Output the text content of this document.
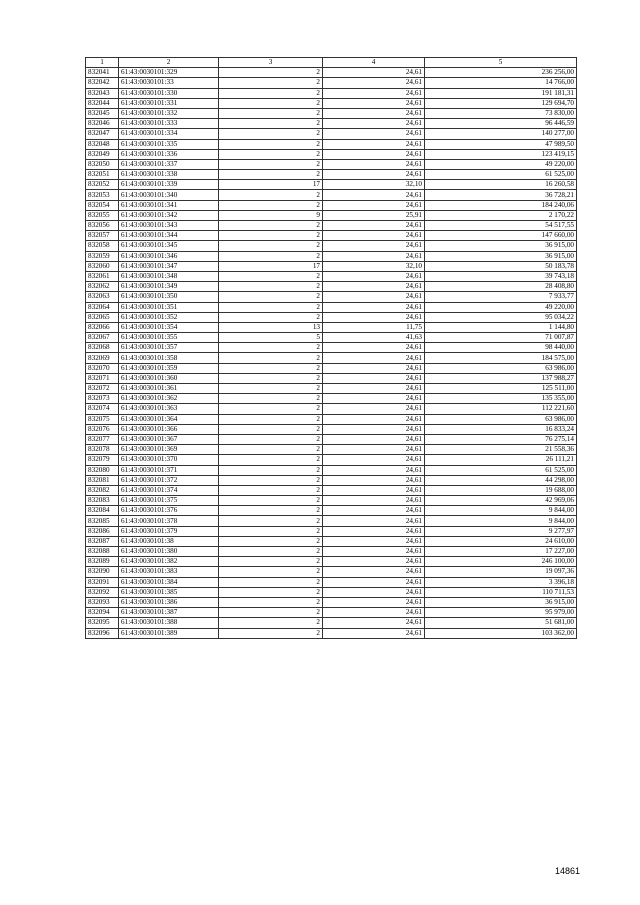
1	2	3	4	5
832041	61:43:0030101:329	2	24,61	236 256,00
832042	61:43:0030101:33	2	24,61	14 766,00
832043	61:43:0030101:330	2	24,61	191 181,31
832044	61:43:0030101:331	2	24,61	129 694,70
832045	61:43:0030101:332	2	24,61	73 830,00
832046	61:43:0030101:333	2	24,61	96 446,59
832047	61:43:0030101:334	2	24,61	140 277,00
832048	61:43:0030101:335	2	24,61	47 989,50
832049	61:43:0030101:336	2	24,61	123 419,15
832050	61:43:0030101:337	2	24,61	49 220,00
832051	61:43:0030101:338	2	24,61	61 525,00
832052	61:43:0030101:339	17	32,10	16 260,58
832053	61:43:0030101:340	2	24,61	36 728,21
832054	61:43:0030101:341	2	24,61	184 240,06
832055	61:43:0030101:342	9	25,91	2 170,22
832056	61:43:0030101:343	2	24,61	54 517,55
832057	61:43:0030101:344	2	24,61	147 660,00
832058	61:43:0030101:345	2	24,61	36 915,00
832059	61:43:0030101:346	2	24,61	36 915,00
832060	61:43:0030101:347	17	32,10	50 183,78
832061	61:43:0030101:348	2	24,61	39 743,18
832062	61:43:0030101:349	2	24,61	28 408,80
832063	61:43:0030101:350	2	24,61	7 933,77
832064	61:43:0030101:351	2	24,61	49 220,00
832065	61:43:0030101:352	2	24,61	95 034,22
832066	61:43:0030101:354	13	11,75	1 144,80
832067	61:43:0030101:355	5	41,63	71 007,87
832068	61:43:0030101:357	2	24,61	98 440,00
832069	61:43:0030101:358	2	24,61	184 575,00
832070	61:43:0030101:359	2	24,61	63 986,00
832071	61:43:0030101:360	2	24,61	137 988,27
832072	61:43:0030101:361	2	24,61	125 511,00
832073	61:43:0030101:362	2	24,61	135 355,00
832074	61:43:0030101:363	2	24,61	112 221,60
832075	61:43:0030101:364	2	24,61	63 986,00
832076	61:43:0030101:366	2	24,61	16 833,24
832077	61:43:0030101:367	2	24,61	76 275,14
832078	61:43:0030101:369	2	24,61	21 558,36
832079	61:43:0030101:370	2	24,61	26 111,21
832080	61:43:0030101:371	2	24,61	61 525,00
832081	61:43:0030101:372	2	24,61	44 298,00
832082	61:43:0030101:374	2	24,61	19 688,00
832083	61:43:0030101:375	2	24,61	42 969,06
832084	61:43:0030101:376	2	24,61	9 844,00
832085	61:43:0030101:378	2	24,61	9 844,00
832086	61:43:0030101:379	2	24,61	9 277,97
832087	61:43:0030101:38	2	24,61	24 610,00
832088	61:43:0030101:380	2	24,61	17 227,00
832089	61:43:0030101:382	2	24,61	246 100,00
832090	61:43:0030101:383	2	24,61	19 097,36
832091	61:43:0030101:384	2	24,61	3 396,18
832092	61:43:0030101:385	2	24,61	110 711,53
832093	61:43:0030101:386	2	24,61	36 915,00
832094	61:43:0030101:387	2	24,61	95 979,00
832095	61:43:0030101:388	2	24,61	51 681,00
832096	61:43:0030101:389	2	24,61	103 362,00
14861
